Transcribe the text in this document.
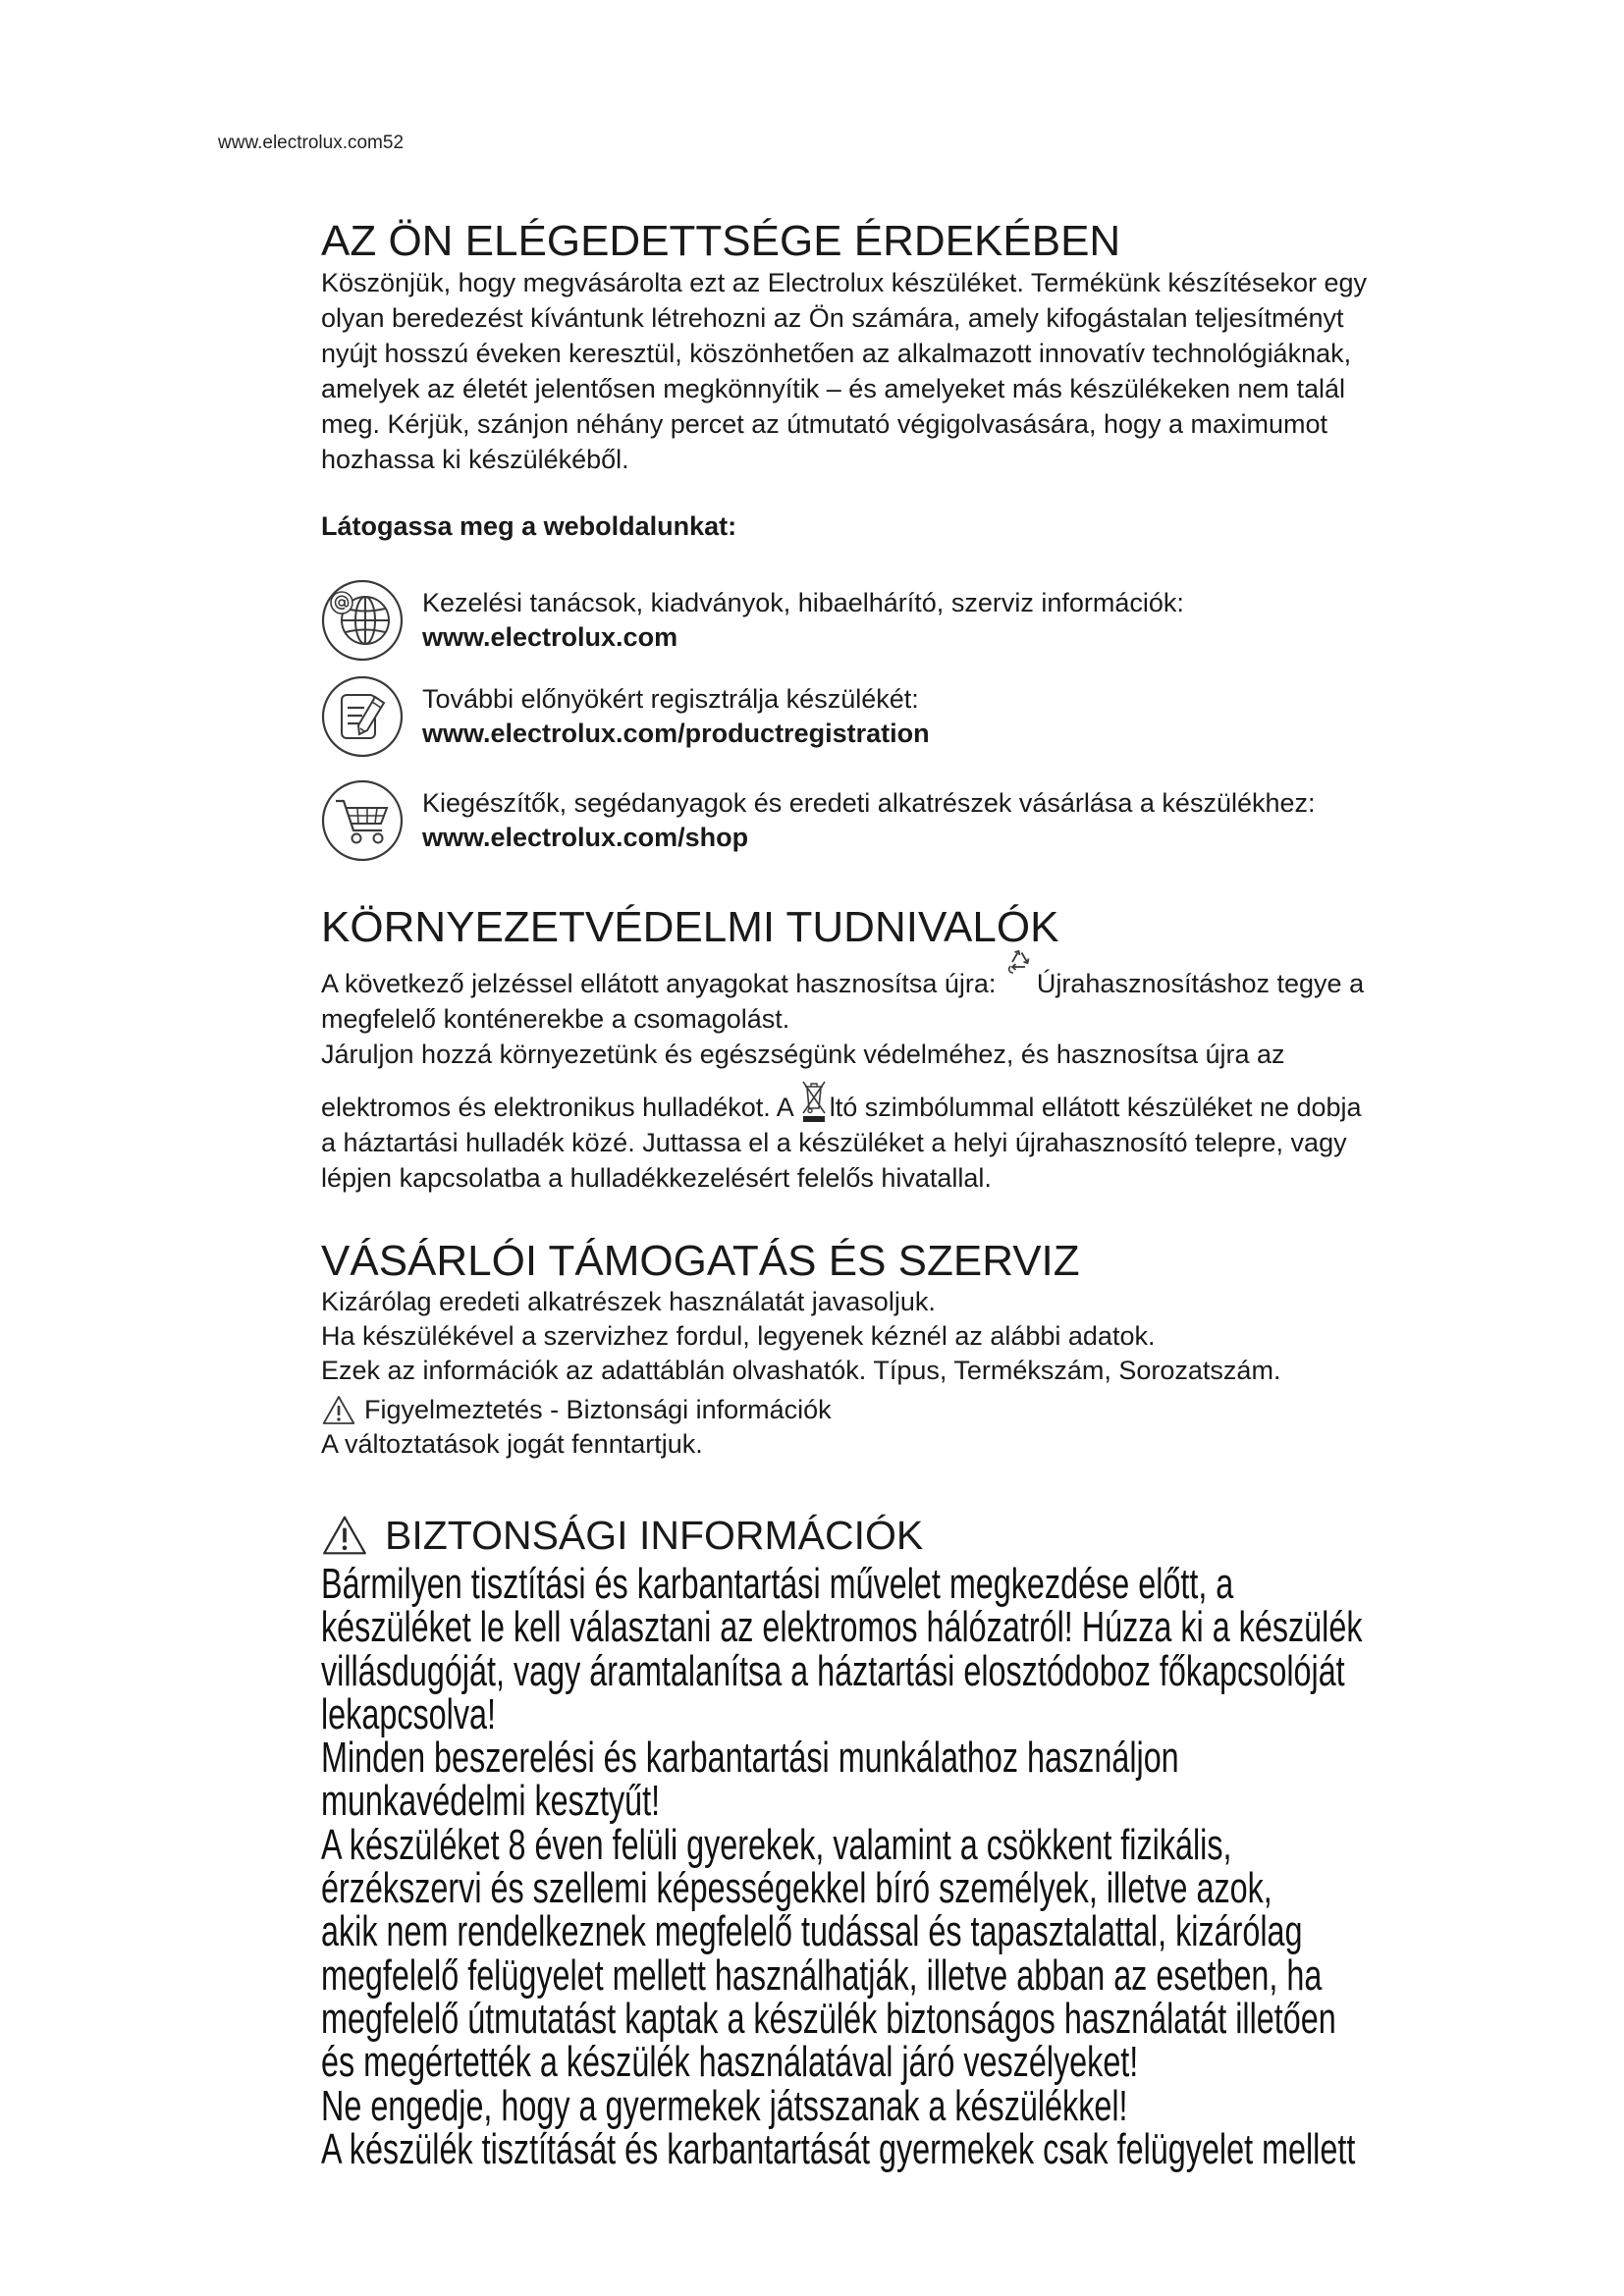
www.electrolux.com52
AZ ÖN ELÉGEDETTSÉGE ÉRDEKÉBEN
Köszönjük, hogy megvásárolta ezt az Electrolux készüléket. Termékünk készítésekor egy
olyan beredezést kívántunk létrehozni az Ön számára, amely kifogástalan teljesítményt
nyújt hosszú éveken keresztül, köszönhetően az alkalmazott innovatív technológiáknak,
amelyek az életét jelentősen megkönnyítik – és amelyeket más készülékeken nem talál
meg. Kérjük, szánjon néhány percet az útmutató végigolvasására, hogy a maximumot
hozhassa ki készülékéből.
Látogassa meg a weboldalunkat:
Kezelési tanácsok, kiadványok, hibaelhárító, szerviz információk:
www.electrolux.com
További előnyökért regisztrálja készülékét:
www.electrolux.com/productregistration
Kiegészítők, segédanyagok és eredeti alkatrészek vásárlása a készülékhez:
www.electrolux.com/shop
KÖRNYEZETVÉDELMI TUDNIVALÓK
A következő jelzéssel ellátott anyagokat hasznosítsa újra:
Újrahasznosításhoz tegye a
megfelelő konténerekbe a csomagolást.
Járuljon hozzá környezetünk és egészségünk védelméhez, és hasznosítsa újra az
elektromos és elektronikus hulladékot. A
ltó szimbólummal ellátott készüléket ne dobja
a háztartási hulladék közé. Juttassa el a készüléket a helyi újrahasznosító telepre, vagy
lépjen kapcsolatba a hulladékkezelésért felelős hivatallal.
VÁSÁRLÓI TÁMOGATÁS ÉS SZERVIZ
Kizárólag eredeti alkatrészek használatát javasoljuk.
Ha készülékével a szervizhez fordul, legyenek kéznél az alábbi adatok.
Ezek az információk az adattáblán olvashatók. Típus, Termékszám, Sorozatszám.
Figyelmeztetés - Biztonsági információk
A változtatások jogát fenntartjuk.
BIZTONSÁGI INFORMÁCIÓK
Bármilyen tisztítási és karbantartási művelet megkezdése előtt, a
készüléket le kell választani az elektromos hálózatról! Húzza ki a készülék
villásdugóját, vagy áramtalanítsa a háztartási elosztódoboz főkapcsolóját
lekapcsolva!
Minden beszerelési és karbantartási munkálathoz használjon
munkavédelmi kesztyűt!
A készüléket 8 éven felüli gyerekek, valamint a csökkent fizikális,
érzékszervi és szellemi képességekkel bíró személyek, illetve azok,
akik nem rendelkeznek megfelelő tudással és tapasztalattal, kizárólag
megfelelő felügyelet mellett használhatják, illetve abban az esetben, ha
megfelelő útmutatást kaptak a készülék biztonságos használatát illetően
és megértették a készülék használatával járó veszélyeket!
Ne engedje, hogy a gyermekek játsszanak a készülékkel!
A készülék tisztítását és karbantartását gyermekek csak felügyelet mellett
